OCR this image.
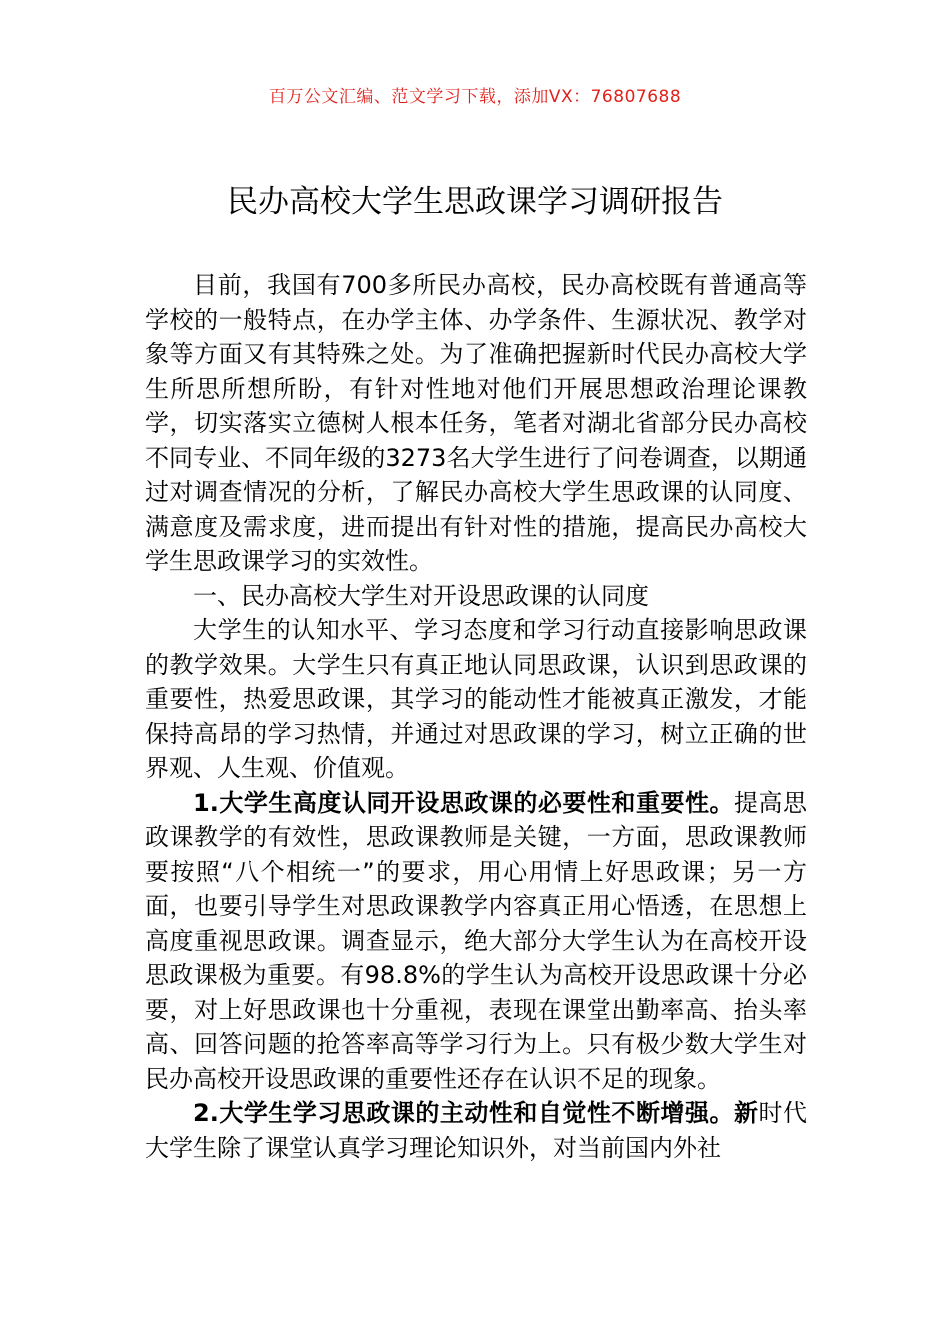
百万公文汇编、范文学习下载，添加VX：76807688
民办高校大学生思政课学习调研报告

目前，我国有700多所民办高校，民办高校既有普通高等学校的一般特点，在办学主体、办学条件、生源状况、教学对象等方面又有其特殊之处。为了准确把握新时代民办高校大学生所思所想所盼，有针对性地对他们开展思想政治理论课教学，切实落实立德树人根本任务，笔者对湖北省部分民办高校不同专业、不同年级的3273名大学生进行了问卷调查，以期通过对调查情况的分析，了解民办高校大学生思政课的认同度、满意度及需求度，进而提出有针对性的措施，提高民办高校大学生思政课学习的实效性。

一、民办高校大学生对开设思政课的认同度

大学生的认知水平、学习态度和学习行动直接影响思政课的教学效果。大学生只有真正地认同思政课，认识到思政课的重要性，热爱思政课，其学习的能动性才能被真正激发，才能保持高昂的学习热情，并通过对思政课的学习，树立正确的世界观、人生观、价值观。

1.大学生高度认同开设思政课的必要性和重要性。提高思政课教学的有效性，思政课教师是关键，一方面，思政课教师要按照“八个相统一”的要求，用心用情上好思政课；另一方面，也要引导学生对思政课教学内容真正用心悟透，在思想上高度重视思政课。调查显示，绝大部分大学生认为在高校开设思政课极为重要。有98.8%的学生认为高校开设思政课十分必要，对上好思政课也十分重视，表现在课堂出勤率高、抬头率高、回答问题的抢答率高等学习行为上。只有极少数大学生对民办高校开设思政课的重要性还存在认识不足的现象。

2.大学生学习思政课的主动性和自觉性不断增强。新时代大学生除了课堂认真学习理论知识外，对当前国内外社
